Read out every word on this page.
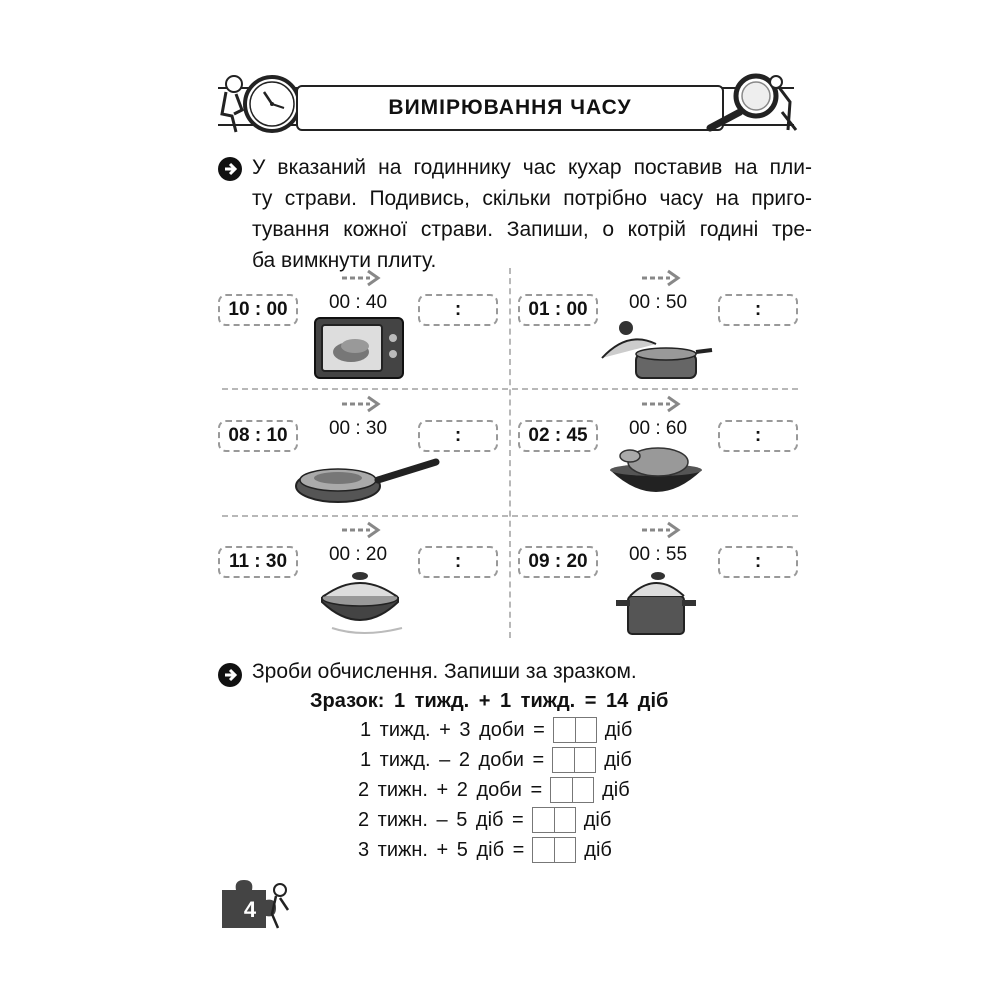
ВИМІРЮВАННЯ ЧАСУ
У вказаний на годиннику час кухар поставив на пли-
ту страви. Подивись, скільки потрібно часу на приго-
тування кожної страви. Запиши, о котрій годині тре-
ба вимкнути плиту.
10 : 00	00 : 40	:	01 : 00	00 : 50	:
08 : 10	00 : 30	:	02 : 45	00 : 60	:
11 : 30	00 : 20	:	09 : 20	00 : 55	:
Зроби обчислення. Запиши за зразком.
Зразок: 1 тижд. + 1 тижд. = 14 діб
1 тижд. + 3 доби =	діб
1 тижд. – 2 доби =	діб
2 тижн. + 2 доби =	діб
2 тижн. – 5 діб =	діб
3 тижн. + 5 діб =	діб
4
